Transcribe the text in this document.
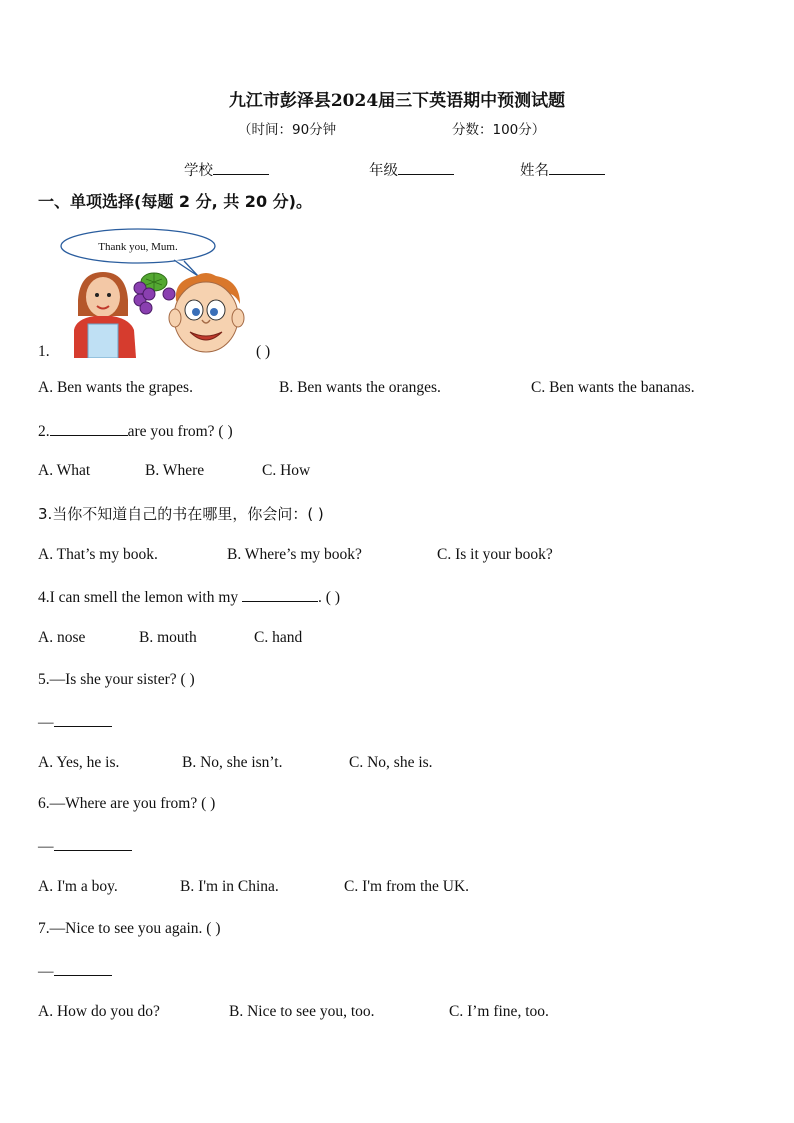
九江市彭泽县2024届三下英语期中预测试题
（时间：90分钟	分数：100分）
学校	年级	姓名
一、单项选择(每题 2 分, 共 20 分)。
Thank you, Mum.
1.	( )
A. Ben wants the grapes.	B. Ben wants the oranges.	C. Ben wants the bananas.
2.	are you from? ( )
A. What	B. Where	C. How
3.当你不知道自己的书在哪里，你会问：( )
A. That’s my book.	B. Where’s my book?	C. Is it your book?
4.I can smell the lemon with my	. ( )
A. nose	B. mouth	C. hand
5.—Is she your sister? ( )
—
A. Yes, he is.	B. No, she isn’t.	C. No, she is.
6.—Where are you from? ( )
—
A. I'm a boy.	B. I'm in China.	C. I'm from the UK.
7.—Nice to see you again. ( )
—
A. How do you do?	B. Nice to see you, too.	C. I’m fine, too.
